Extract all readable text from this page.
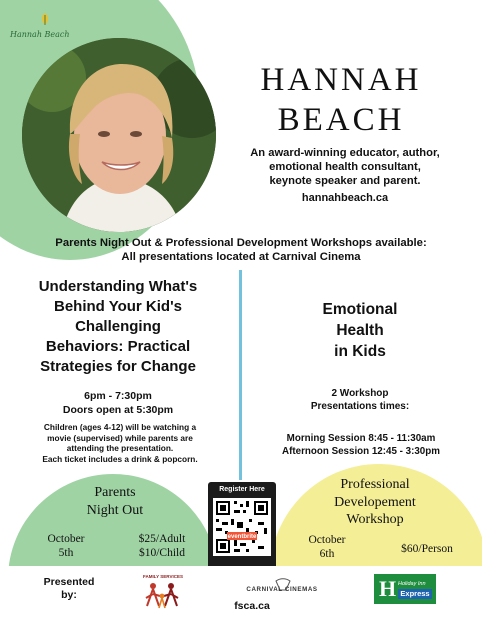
Hannah Beach
HANNAH
BEACH
An award-winning educator, author,
emotional health consultant,
keynote speaker and parent.
hannahbeach.ca
Parents Night Out & Professional Development Workshops available:
All presentations located at Carnival Cinema
Understanding What's
Behind Your Kid's
Challenging
Behaviors: Practical
Strategies for Change
6pm - 7:30pm
Doors open at 5:30pm
Children (ages 4-12) will be watching a
movie (supervised) while parents are
attending the presentation.
Each ticket includes a drink & popcorn.
Emotional
Health
in Kids
2 Workshop
Presentations times:
Morning Session 8:45 - 11:30am
Afternoon Session 12:45 - 3:30pm
Parents
Night Out
October
5th
$25/Adult
$10/Child
Professional
Developement
Workshop
October
6th	$60/Person
Register Here
eventbrite
Presented
by:
FAMILY SERVICES
CARNIVAL CINEMAS
fsca.ca
H Holiday Inn
Express
